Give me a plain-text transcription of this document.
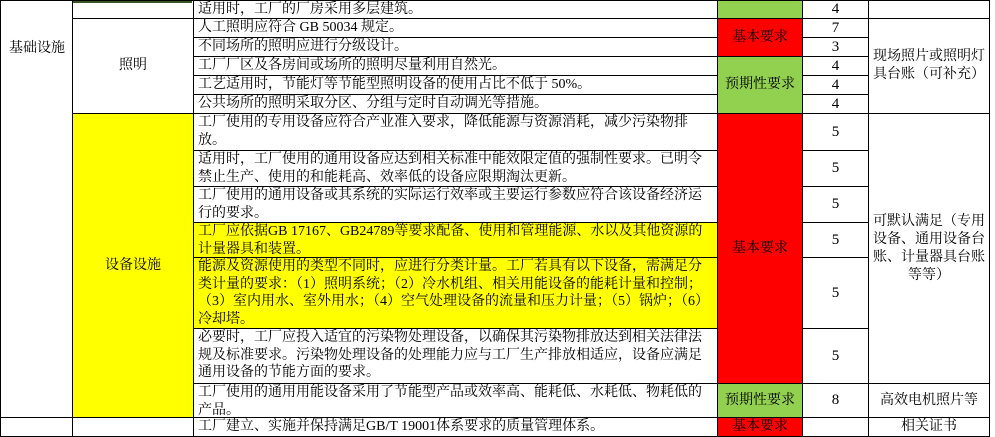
基础设施
照明
设备设施
适用时，工厂的厂房采用多层建筑。
人工照明应符合 GB 50034 规定。
不同场所的照明应进行分级设计。
工厂厂区及各房间或场所的照明尽量利用自然光。
工艺适用时，节能灯等节能型照明设备的使用占比不低于 50%。
公共场所的照明采取分区、分组与定时自动调光等措施。
工厂使用的专用设备应符合产业准入要求，降低能源与资源消耗，减少污染物排放。
适用时，工厂使用的通用设备应达到相关标准中能效限定值的强制性要求。已明令禁止生产、使用的和能耗高、效率低的设备应限期淘汰更新。
工厂使用的通用设备或其系统的实际运行效率或主要运行参数应符合该设备经济运行的要求。
工厂应依据GB 17167、GB24789等要求配备、使用和管理能源、水以及其他资源的计量器具和装置。
能源及资源使用的类型不同时，应进行分类计量。工厂若具有以下设备，需满足分类计量的要求：（1）照明系统；（2）冷水机组、相关用能设备的能耗计量和控制；（3）室内用水、室外用水；（4）空气处理设备的流量和压力计量；（5）锅炉；（6）冷却塔。
必要时，工厂应投入适宜的污染物处理设备，以确保其污染物排放达到相关法律法规及标准要求。污染物处理设备的处理能力应与工厂生产排放相适应，设备应满足通用设备的节能方面的要求。
工厂使用的通用用能设备采用了节能型产品或效率高、能耗低、水耗低、物耗低的产品。
工厂建立、实施并保持满足GB/T 19001体系要求的质量管理体系。
基本要求
预期性要求
基本要求
预期性要求
基本要求
4
7
3
4
4
4
5
5
5
5
5
5
8
现场照片或照明灯具台账（可补充）
可默认满足（专用设备、通用设备台账、计量器具台账等等）
高效电机照片等
相关证书
